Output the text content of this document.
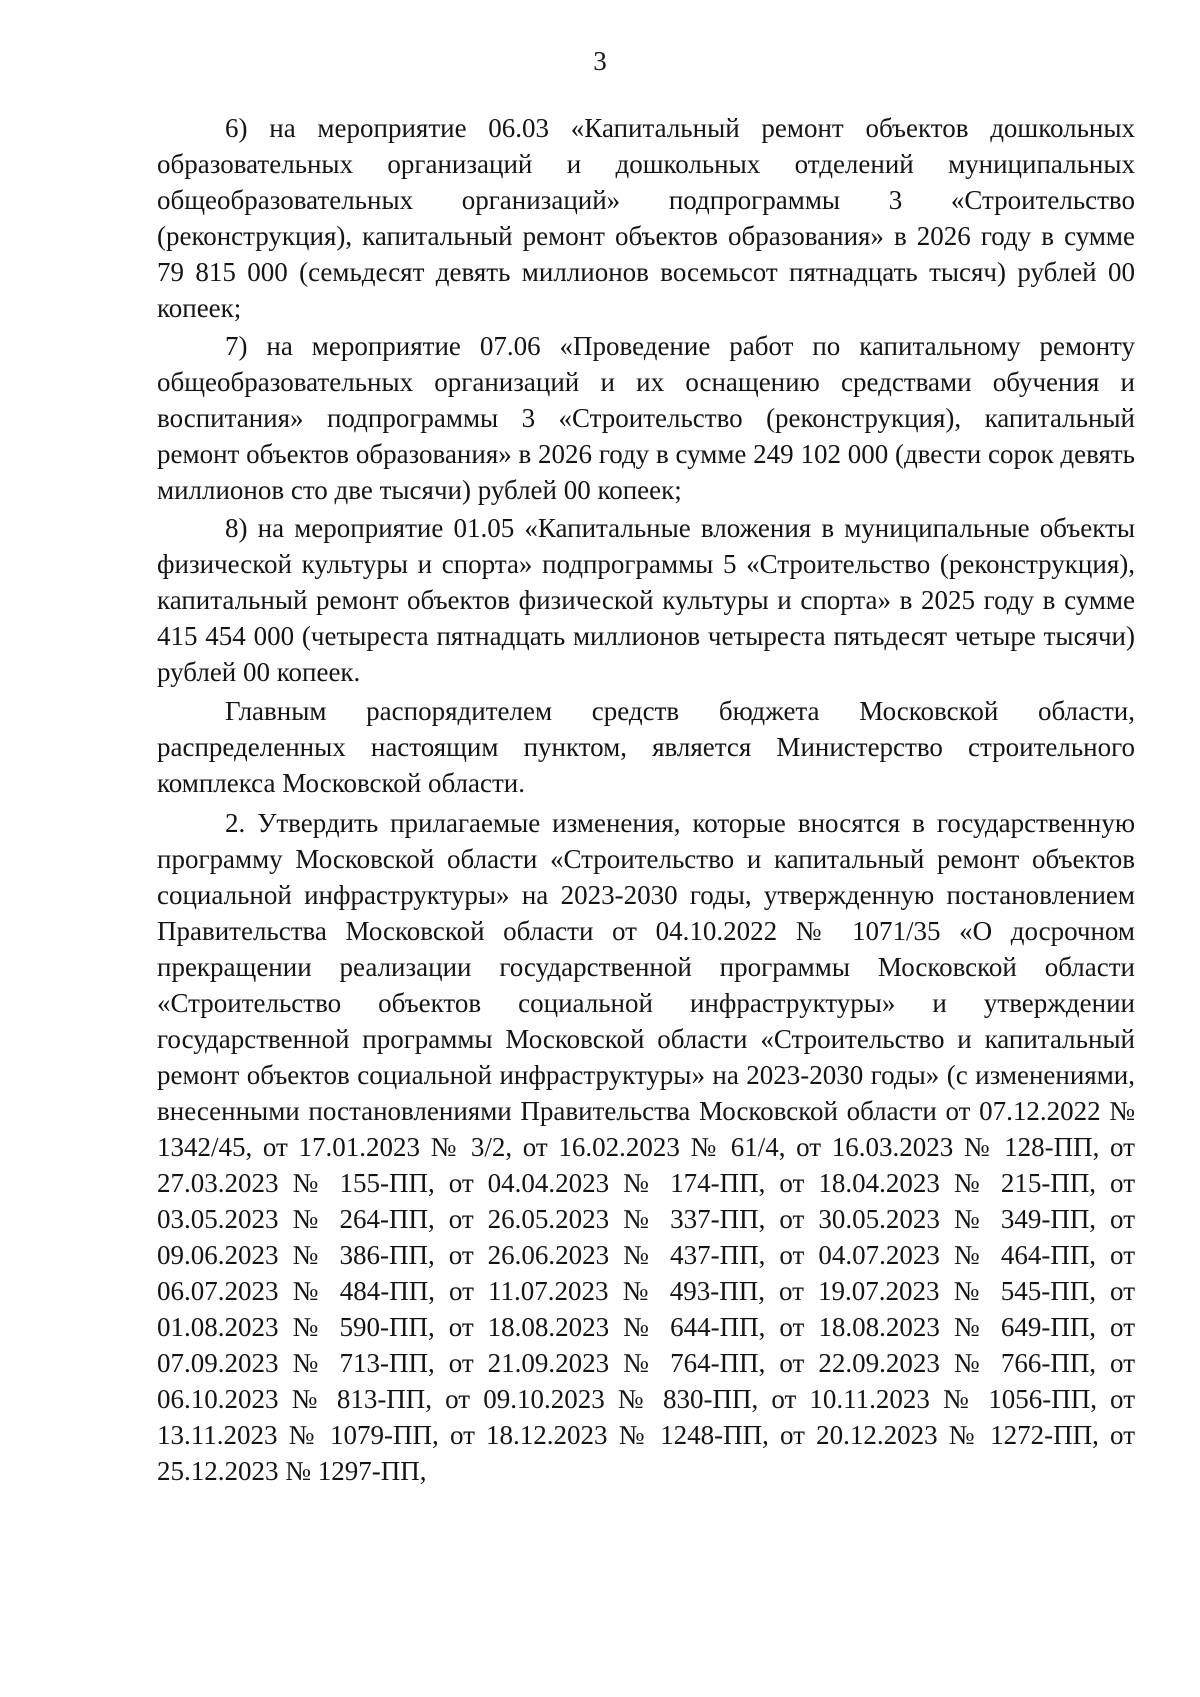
3

6) на мероприятие 06.03 «Капитальный ремонт объектов дошкольных образовательных организаций и дошкольных отделений муниципальных общеобразовательных организаций» подпрограммы 3 «Строительство (реконструкция), капитальный ремонт объектов образования» в 2026 году в сумме 79 815 000 (семьдесят девять миллионов восемьсот пятнадцать тысяч) рублей 00 копеек;

7) на мероприятие 07.06 «Проведение работ по капитальному ремонту общеобразовательных организаций и их оснащению средствами обучения и воспитания» подпрограммы 3 «Строительство (реконструкция), капитальный ремонт объектов образования» в 2026 году в сумме 249 102 000 (двести сорок девять миллионов сто две тысячи) рублей 00 копеек;

8) на мероприятие 01.05 «Капитальные вложения в муниципальные объекты физической культуры и спорта» подпрограммы 5 «Строительство (реконструкция), капитальный ремонт объектов физической культуры и спорта» в 2025 году в сумме 415 454 000 (четыреста пятнадцать миллионов четыреста пятьдесят четыре тысячи) рублей 00 копеек.

Главным распорядителем средств бюджета Московской области, распределенных настоящим пунктом, является Министерство строительного комплекса Московской области.

2. Утвердить прилагаемые изменения, которые вносятся в государственную программу Московской области «Строительство и капитальный ремонт объектов социальной инфраструктуры» на 2023-2030 годы, утвержденную постановлением Правительства Московской области от 04.10.2022 № 1071/35 «О досрочном прекращении реализации государственной программы Московской области «Строительство объектов социальной инфраструктуры» и утверждении государственной программы Московской области «Строительство и капитальный ремонт объектов социальной инфраструктуры» на 2023-2030 годы» (с изменениями, внесенными постановлениями Правительства Московской области от 07.12.2022 № 1342/45, от 17.01.2023 № 3/2, от 16.02.2023 № 61/4, от 16.03.2023 № 128-ПП, от 27.03.2023 № 155-ПП, от 04.04.2023 № 174-ПП, от 18.04.2023 № 215-ПП, от 03.05.2023 № 264-ПП, от 26.05.2023 № 337-ПП, от 30.05.2023 № 349-ПП, от 09.06.2023 № 386-ПП, от 26.06.2023 № 437-ПП, от 04.07.2023 № 464-ПП, от 06.07.2023 № 484-ПП, от 11.07.2023 № 493-ПП, от 19.07.2023 № 545-ПП, от 01.08.2023 № 590-ПП, от 18.08.2023 № 644-ПП, от 18.08.2023 № 649-ПП, от 07.09.2023 № 713-ПП, от 21.09.2023 № 764-ПП, от 22.09.2023 № 766-ПП, от 06.10.2023 № 813-ПП, от 09.10.2023 № 830-ПП, от 10.11.2023 № 1056-ПП, от 13.11.2023 № 1079-ПП, от 18.12.2023 № 1248-ПП, от 20.12.2023 № 1272-ПП, от 25.12.2023 № 1297-ПП,
